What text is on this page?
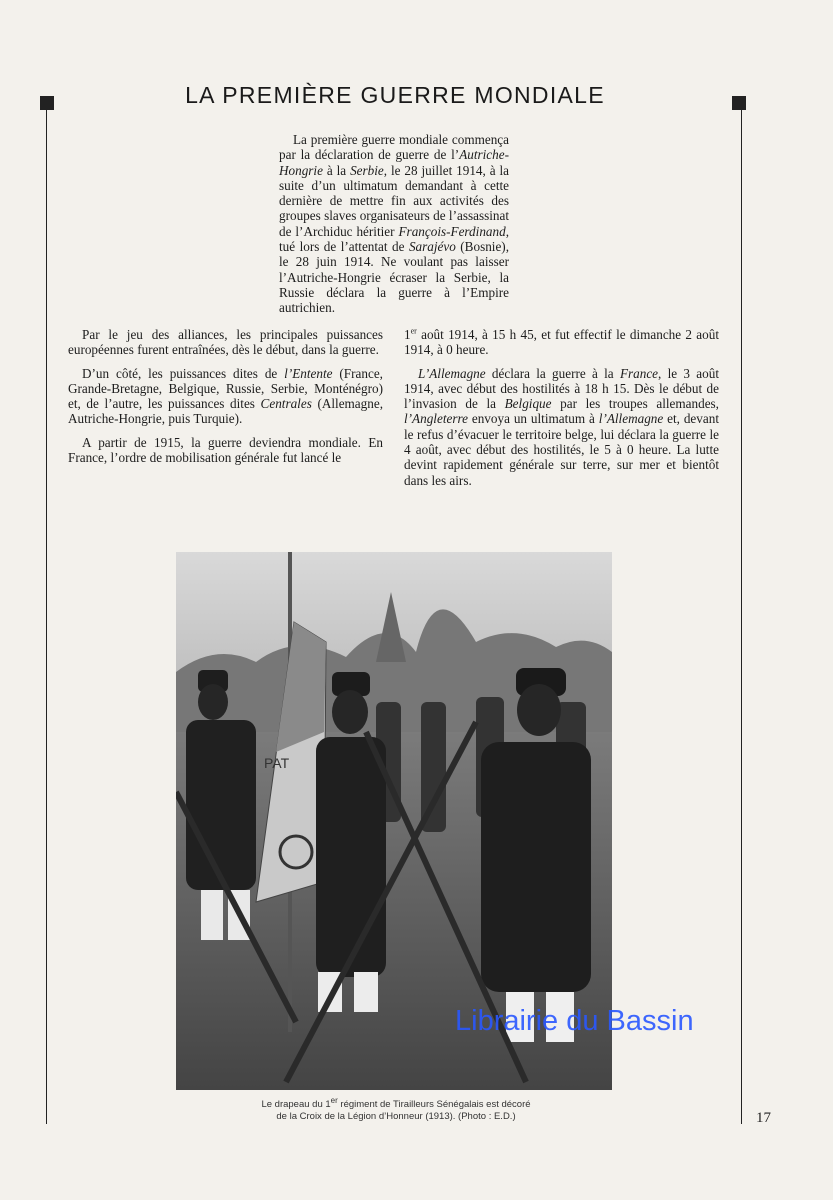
LA PREMIÈRE GUERRE MONDIALE
La première guerre mondiale commença par la déclaration de guerre de l’Autriche-Hongrie à la Serbie, le 28 juillet 1914, à la suite d’un ultimatum demandant à cette dernière de mettre fin aux activités des groupes slaves organisateurs de l’assassinat de l’Archiduc héritier François-Ferdinand, tué lors de l’attentat de Sarajévo (Bosnie), le 28 juin 1914. Ne voulant pas laisser l’Autriche-Hongrie écraser la Serbie, la Russie déclara la guerre à l’Empire autrichien.

Par le jeu des alliances, les principales puissances européennes furent entraînées, dès le début, dans la guerre.

D’un côté, les puissances dites de l’Entente (France, Grande-Bretagne, Belgique, Russie, Serbie, Monténégro) et, de l’autre, les puissances dites Centrales (Allemagne, Autriche-Hongrie, puis Turquie).

A partir de 1915, la guerre deviendra mondiale. En France, l’ordre de mobilisation générale fut lancé le

1er août 1914, à 15 h 45, et fut effectif le dimanche 2 août 1914, à 0 heure.

L’Allemagne déclara la guerre à la France, le 3 août 1914, avec début des hostilités à 18 h 15. Dès le début de l’invasion de la Belgique par les troupes allemandes, l’Angleterre envoya un ultimatum à l’Allemagne et, devant le refus d’évacuer le territoire belge, lui déclara la guerre le 4 août, avec début des hostilités, le 5 à 0 heure. La lutte devint rapidement générale sur terre, sur mer et bientôt dans les airs.

PAT
Le drapeau du 1er régiment de Tirailleurs Sénégalais est décoré
de la Croix de la Légion d’Honneur (1913). (Photo : E.D.)
Librairie du Bassin
17
